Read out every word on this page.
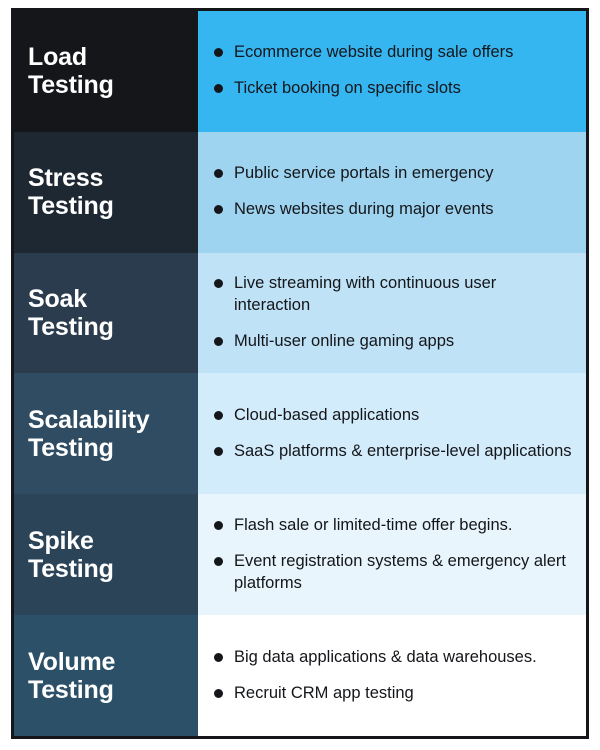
Load
Testing
Ecommerce website during sale offers
Ticket booking on specific slots
Stress
Testing
Public service portals in emergency
News websites during major events
Soak
Testing
Live streaming with continuous user interaction
Multi-user online gaming apps
Scalability
Testing
Cloud-based applications
SaaS platforms & enterprise-level applications
Spike
Testing
Flash sale or limited-time offer begins.
Event registration systems & emergency alert platforms
Volume
Testing
Big data applications & data warehouses.
Recruit CRM app testing
